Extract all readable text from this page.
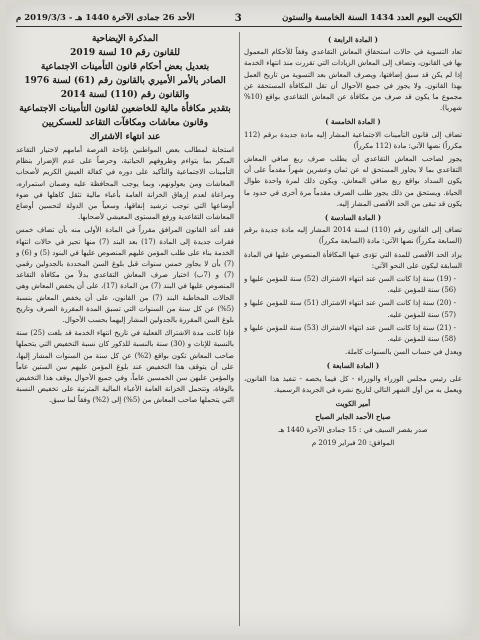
الكويت اليوم العدد 1434 السنة الخامسة والستون
3
الأحد 26 جمادى الآخرة 1440 هـ - 2019/3/3 م

( المادة الرابعة )

تعاد التسوية في حالات استحقاق المعاش التقاعدي وفقاً للأحكام المعمول بها في القانون، وتضاف إلى المعاش الزيادات التي تقررت منذ انتهاء الخدمة إذا لم يكن قد سبق إضافتها، ويصرف المعاش بعد التسوية من تاريخ العمل بهذا القانون. ولا يجوز في جميع الأحوال أن تقل المكافأة المستحقة عن مجموع ما يكون قد صرف من مكافأة عن المعاش التقاعدي بواقع (10% شهريا).

( المادة الخامسة )

تضاف إلى قانون التأمينات الاجتماعية المشار إليه مادة جديدة برقم (112 مكرراً) نصها الآتي: مادة (112 مكرراً)

يجوز لصاحب المعاش التقاعدي أن يطلب صرف ربع صافي المعاش التقاعدي بما لا يجاوز المستحق له عن ثمان وعشرين شهراً مقدماً على أن يكون السداد بواقع ربع صافي المعاش. ويكون ذلك لمرة واحدة طوال الحياة. ويستحق من ذلك يجوز طلب الصرف مقدماً مرة أخرى في حدود ما يكون قد تبقى من الحد الأقصى المشار إليه.

( المادة السادسة )

تضاف إلى القانون رقم (110) لسنة 2014 المشار إليه مادة جديدة برقم (السابعة مكرراً) نصها الآتي: مادة (السابعة مكرراً)

يزاد الحد الأقصى للمدة التي تؤدى عنها المكافأة المنصوص عليها في المادة السابقة ليكون على النحو الآتي:

- (19) سنة إذا كانت السن عند انتهاء الاشتراك (52) سنة للمؤمن عليها و (56) سنة للمؤمن عليه.

- (20) سنة إذا كانت السن عند انتهاء الاشتراك (51) سنة للمؤمن عليها و (57) سنة للمؤمن عليه.

- (21) سنة إذا كانت السن عند انتهاء الاشتراك (53) سنة للمؤمن عليها و (58) سنة للمؤمن عليه.

ويعدل في حساب السن بالسنوات كاملة.

( المادة السابعة )

على رئيس مجلس الوزراء والوزراء - كل فيما يخصه - تنفيذ هذا القانون، ويعمل به من أول الشهر التالي لتاريخ نشره في الجريدة الرسمية.

أمير الكويت

صباح الأحمد الجابر الصباح

صدر بقصر السيف في : 15 جمادى الآخرة 1440 هـ

الموافق: 20 فبراير 2019 م

المذكرة الإيضاحية

للقانون رقم 10 لسنة 2019

بتعديل بعض أحكام قانون التأمينات الاجتماعية

الصادر بالأمر الأميري بالقانون رقم (61) لسنة 1976

والقانون رقم (110) لسنة 2014

بتقدير مكافأة مالية للخاضعين لقانون التأمينات الاجتماعية

وقانون معاشات ومكافآت التقاعد للعسكريين

عند انتهاء الاشتراك

استجابة لمطالب بعض المواطنين بإتاحة الفرصة أمامهم لاختيار التقاعد المبكر بما يتواءم وظروفهم الحياتية، وحرصاً على عدم الإضرار بنظام التأمينات الاجتماعية والتأكيد على دوره في كفالة العيش الكريم لأصحاب المعاشات ومن يعولونهم، وبما يوجب المحافظة عليه وضمان استمراره، ومراعاة لعدم إرهاق الخزانة العامة بأعباء مالية تثقل كاهلها في ضوء أوضاعها التي توجب ترشيد إنفاقها، وسعياً من الدولة لتحسين أوضاع المعاشات التقاعدية ورفع المستوى المعيشي لأصحابها.

فقد أعد القانون المرافق مقرراً في المادة الأولى منه بأن تضاف خمس فقرات جديدة إلى المادة (17) بعد البند (7) منها تجيز في حالات انتهاء الخدمة بناء على طلب المؤمن عليهم المنصوص عليها في البنود (5) و (6) و (7) بأن لا يجاوز خمس سنوات قبل بلوغ السن المحددة بالجدولين رقمي (7) و (7ب) اختيار صرف المعاش التقاعدي بدلاً من مكافأة التقاعد المنصوص عليها في البند (7) من المادة (17)، على أن يخفض المعاش وهي الحالات المخاطبة البند (7) من القانون، على أن يخفض المعاش بنسبة (5%) عن كل سنة من السنوات التي تسبق المدة المقررة الصرف وتاريخ بلوغ السن المقررة بالجدولين المشار إليهما بحسب الأحوال.

فإذا كانت مدة الاشتراك الفعلية في تاريخ انتهاء الخدمة قد بلغت (25) سنة بالنسبة للإناث و (30) سنة بالنسبة للذكور كان نسبة التخفيض التي يتحملها صاحب المعاش تكون بواقع (2%) عن كل سنة من السنوات المشار إليها، على أن يتوقف هذا التخفيض عند بلوغ المؤمن عليهم سن الستين عاماً والمؤمن عليهن سن الخمسين عاماً، وفي جميع الأحوال يوقف هذا التخفيض بالوفاة، وتتحمل الخزانة العامة الأعباء المالية المترتبة على تخفيض النسبة التي يتحملها صاحب المعاش من (5%) إلى (2%) وفقاً لما سبق.
